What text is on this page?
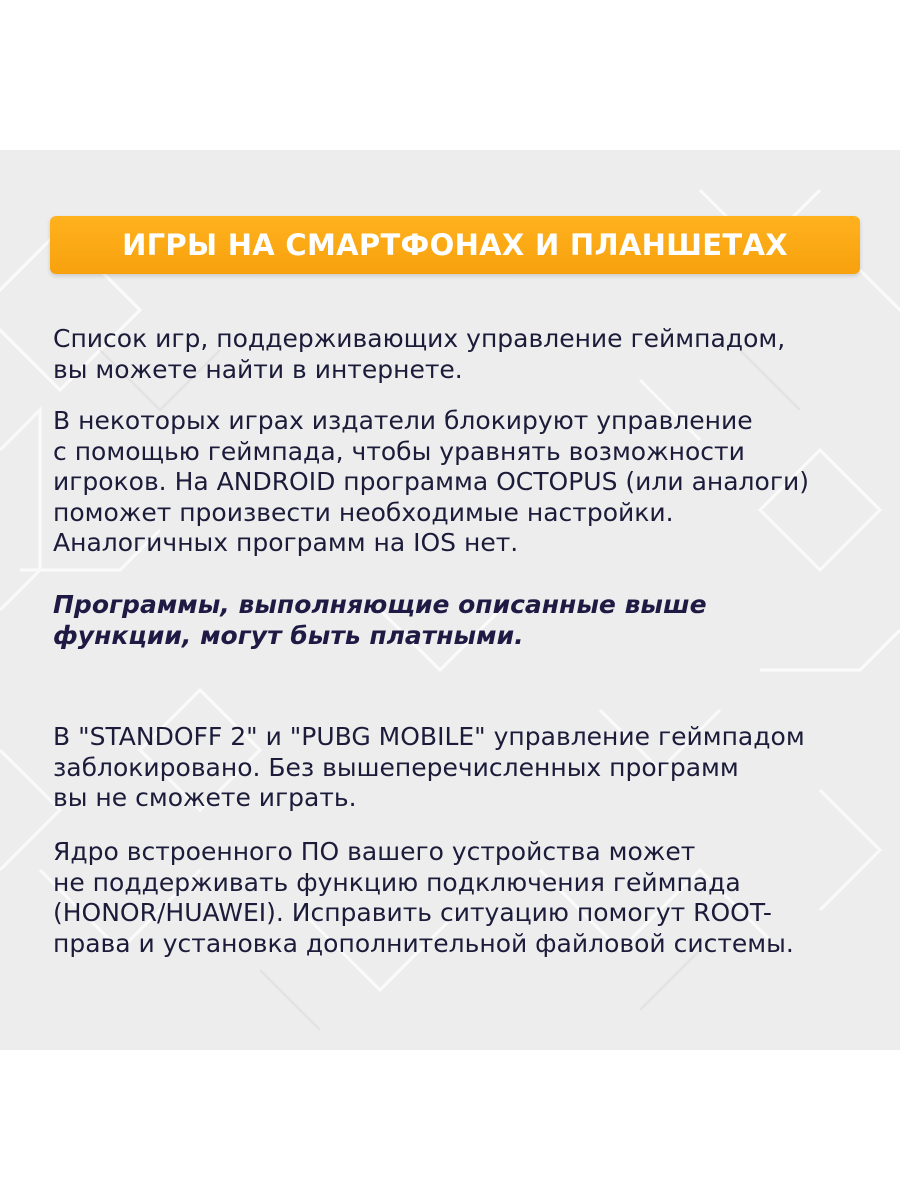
ИГРЫ НА СМАРТФОНАХ И ПЛАНШЕТАХ

Список игр, поддерживающих управление геймпадом,
вы можете найти в интернете.

В некоторых играх издатели блокируют управление
с помощью геймпада, чтобы уравнять возможности
игроков. На ANDROID программа OCTOPUS (или аналоги)
поможет произвести необходимые настройки.
Аналогичных программ на IOS нет.

Программы, выполняющие описанные выше
функции, могут быть платными.

В "STANDOFF 2" и "PUBG MOBILE" управление геймпадом
заблокировано. Без вышеперечисленных программ
вы не сможете играть.

Ядро встроенного ПО вашего устройства может
не поддерживать функцию подключения геймпада
(HONOR/HUAWEI). Исправить ситуацию помогут ROOT-
права и установка дополнительной файловой системы.
